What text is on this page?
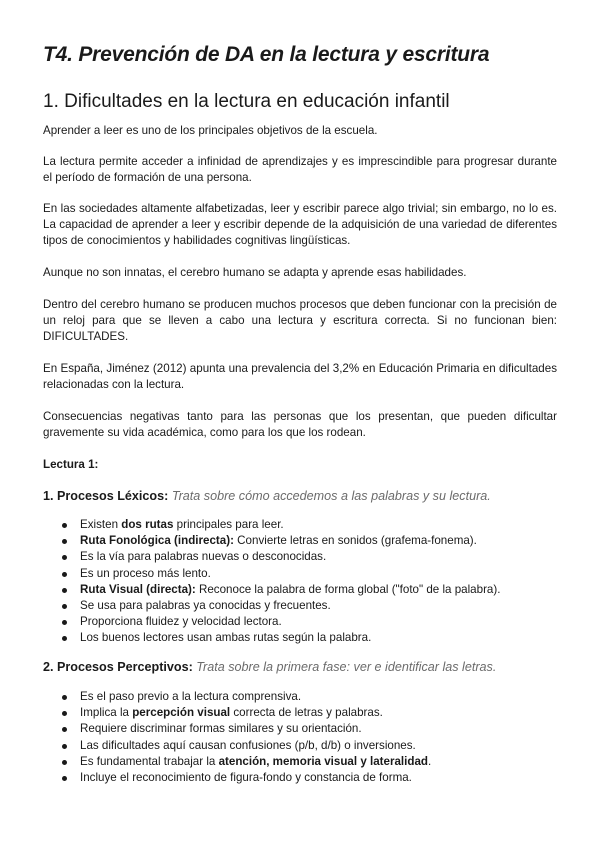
T4. Prevención de DA en la lectura y escritura
1. Dificultades en la lectura en educación infantil

Aprender a leer es uno de los principales objetivos de la escuela.

La lectura permite acceder a infinidad de aprendizajes y es imprescindible para progresar durante el período de formación de una persona.

En las sociedades altamente alfabetizadas, leer y escribir parece algo trivial; sin embargo, no lo es. La capacidad de aprender a leer y escribir depende de la adquisición de una variedad de diferentes tipos de conocimientos y habilidades cognitivas lingüísticas.

Aunque no son innatas, el cerebro humano se adapta y aprende esas habilidades.

Dentro del cerebro humano se producen muchos procesos que deben funcionar con la precisión de un reloj para que se lleven a cabo una lectura y escritura correcta. Si no funcionan bien: DIFICULTADES.

En España, Jiménez (2012) apunta una prevalencia del 3,2% en Educación Primaria en dificultades relacionadas con la lectura.

Consecuencias negativas tanto para las personas que los presentan, que pueden dificultar gravemente su vida académica, como para los que los rodean.

Lectura 1:

1. Procesos Léxicos: Trata sobre cómo accedemos a las palabras y su lectura.

Existen dos rutas principales para leer.
Ruta Fonológica (indirecta): Convierte letras en sonidos (grafema-fonema).
Es la vía para palabras nuevas o desconocidas.
Es un proceso más lento.
Ruta Visual (directa): Reconoce la palabra de forma global ("foto" de la palabra).
Se usa para palabras ya conocidas y frecuentes.
Proporciona fluidez y velocidad lectora.
Los buenos lectores usan ambas rutas según la palabra.

2. Procesos Perceptivos: Trata sobre la primera fase: ver e identificar las letras.

Es el paso previo a la lectura comprensiva.
Implica la percepción visual correcta de letras y palabras.
Requiere discriminar formas similares y su orientación.
Las dificultades aquí causan confusiones (p/b, d/b) o inversiones.
Es fundamental trabajar la atención, memoria visual y lateralidad.
Incluye el reconocimiento de figura-fondo y constancia de forma.
